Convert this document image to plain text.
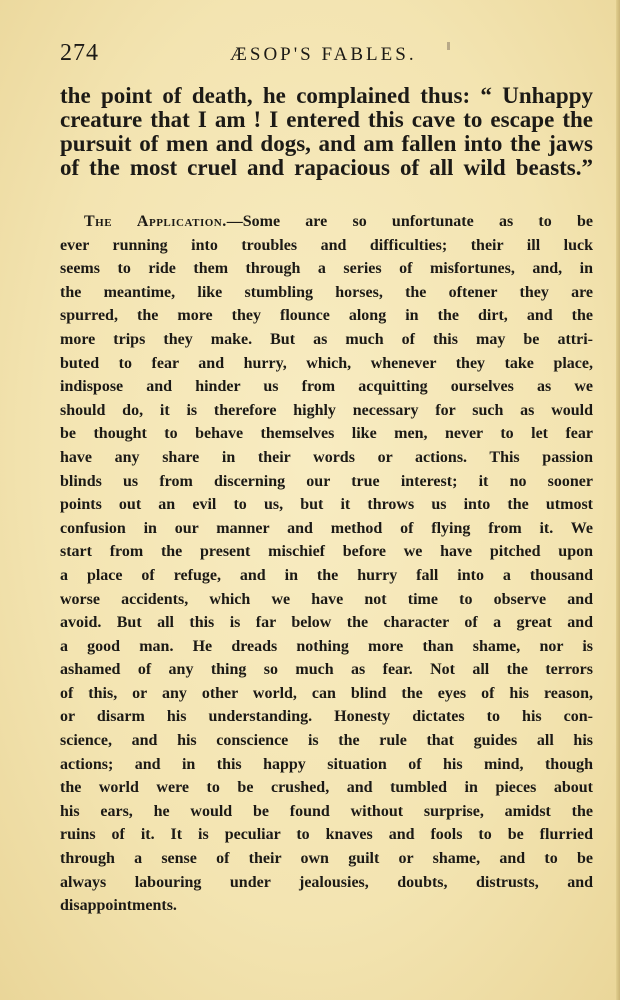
274	ÆSOP'S FABLES.
the point of death, he complained thus: “ Unhappy
creature that I am ! I entered this cave to escape the
pursuit of men and dogs, and am fallen into the jaws
of the most cruel and rapacious of all wild beasts.”
The Application.—Some are so unfortunate as to be
ever running into troubles and difficulties; their ill luck
seems to ride them through a series of misfortunes, and, in
the meantime, like stumbling horses, the oftener they are
spurred, the more they flounce along in the dirt, and the
more trips they make. But as much of this may be attri-
buted to fear and hurry, which, whenever they take place,
indispose and hinder us from acquitting ourselves as we
should do, it is therefore highly necessary for such as would
be thought to behave themselves like men, never to let fear
have any share in their words or actions. This passion
blinds us from discerning our true interest; it no sooner
points out an evil to us, but it throws us into the utmost
confusion in our manner and method of flying from it. We
start from the present mischief before we have pitched upon
a place of refuge, and in the hurry fall into a thousand
worse accidents, which we have not time to observe and
avoid. But all this is far below the character of a great and
a good man. He dreads nothing more than shame, nor is
ashamed of any thing so much as fear. Not all the terrors
of this, or any other world, can blind the eyes of his reason,
or disarm his understanding. Honesty dictates to his con-
science, and his conscience is the rule that guides all his
actions; and in this happy situation of his mind, though
the world were to be crushed, and tumbled in pieces about
his ears, he would be found without surprise, amidst the
ruins of it. It is peculiar to knaves and fools to be flurried
through a sense of their own guilt or shame, and to be
always labouring under jealousies, doubts, distrusts, and
disappointments.
